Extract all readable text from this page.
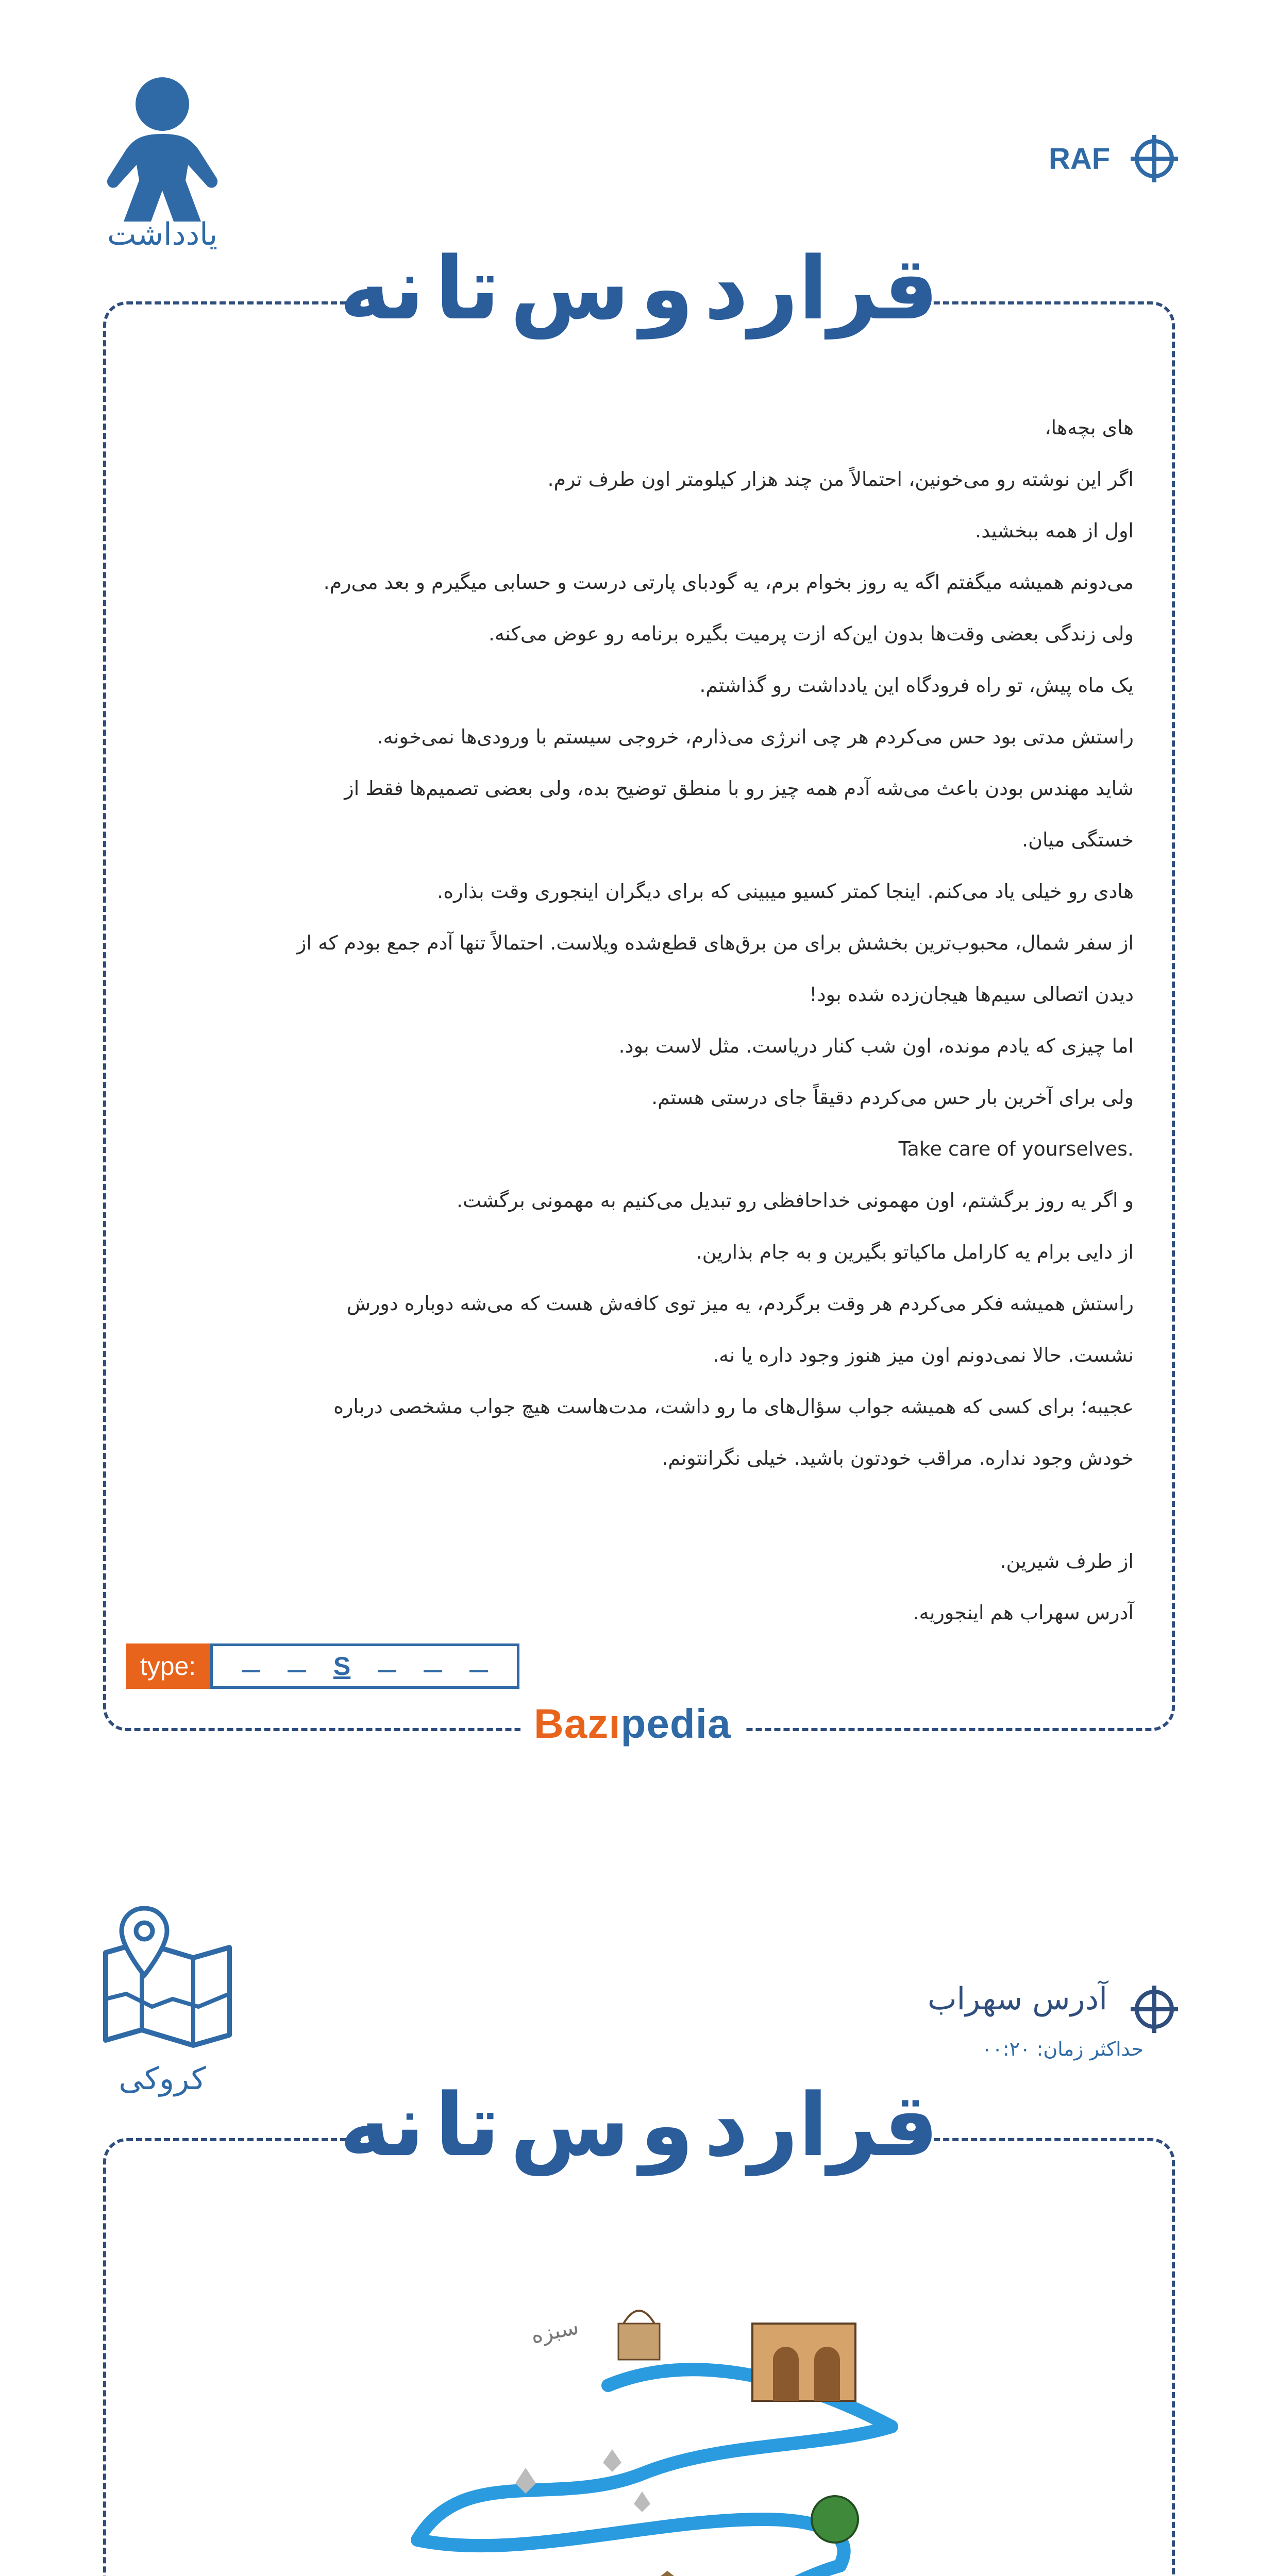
یادداشت
RAF
قرار
د
و
س
تا
نه

های بچه‌ها،

اگر این نوشته رو می‌خونین، احتمالاً من چند هزار کیلومتر اون طرف ترم.

اول از همه ببخشید.

می‌دونم همیشه میگفتم اگه یه روز بخوام برم، یه گودبای پارتی درست و حسابی میگیرم و بعد می‌رم.

ولی زندگی بعضی وقت‌ها بدون این‌که ازت پرمیت بگیره برنامه رو عوض می‌کنه.

یک ماه پیش، تو راه فرودگاه این یادداشت رو گذاشتم.

راستش مدتی بود حس می‌کردم هر چی انرژی می‌ذارم، خروجی سیستم با ورودی‌ها نمی‌خونه.

شاید مهندس بودن باعث می‌شه آدم همه چیز رو با منطق توضیح بده، ولی بعضی تصمیم‌ها فقط از

خستگی میان.

هادی رو خیلی یاد می‌کنم. اینجا کمتر کسیو میبینی که برای دیگران اینجوری وقت بذاره.

از سفر شمال، محبوب‌ترین بخشش برای من برق‌های قطع‌شده ویلاست. احتمالاً تنها آدم جمع بودم که از

دیدن اتصالی سیم‌ها هیجان‌زده شده بود!

اما چیزی که یادم مونده، اون شب کنار دریاست. مثل لاست بود.

ولی برای آخرین بار حس می‌کردم دقیقاً جای درستی هستم.

Take care of yourselves.

و اگر یه روز برگشتم، اون مهمونی خداحافظی رو تبدیل می‌کنیم به مهمونی برگشت.

از دایی برام یه کارامل ماکیاتو بگیرین و به جام بذارین.

راستش همیشه فکر می‌کردم هر وقت برگردم، یه میز توی کافه‌ش هست که می‌شه دوباره دورش

نشست. حالا نمی‌دونم اون میز هنوز وجود داره یا نه.

عجیبه؛ برای کسی که همیشه جواب سؤال‌های ما رو داشت، مدت‌هاست هیچ جواب مشخصی درباره

خودش وجود نداره. مراقب خودتون باشید. خیلی نگرانتونم.

از طرف شیرین.

آدرس سهراب هم اینجوریه.

type:	S
Bazıpedia
کروکی
آدرس سهراب
حداکثر زمان: ۰۰:۲۰
قرار
د
و
س
تا
نه
سبزه
